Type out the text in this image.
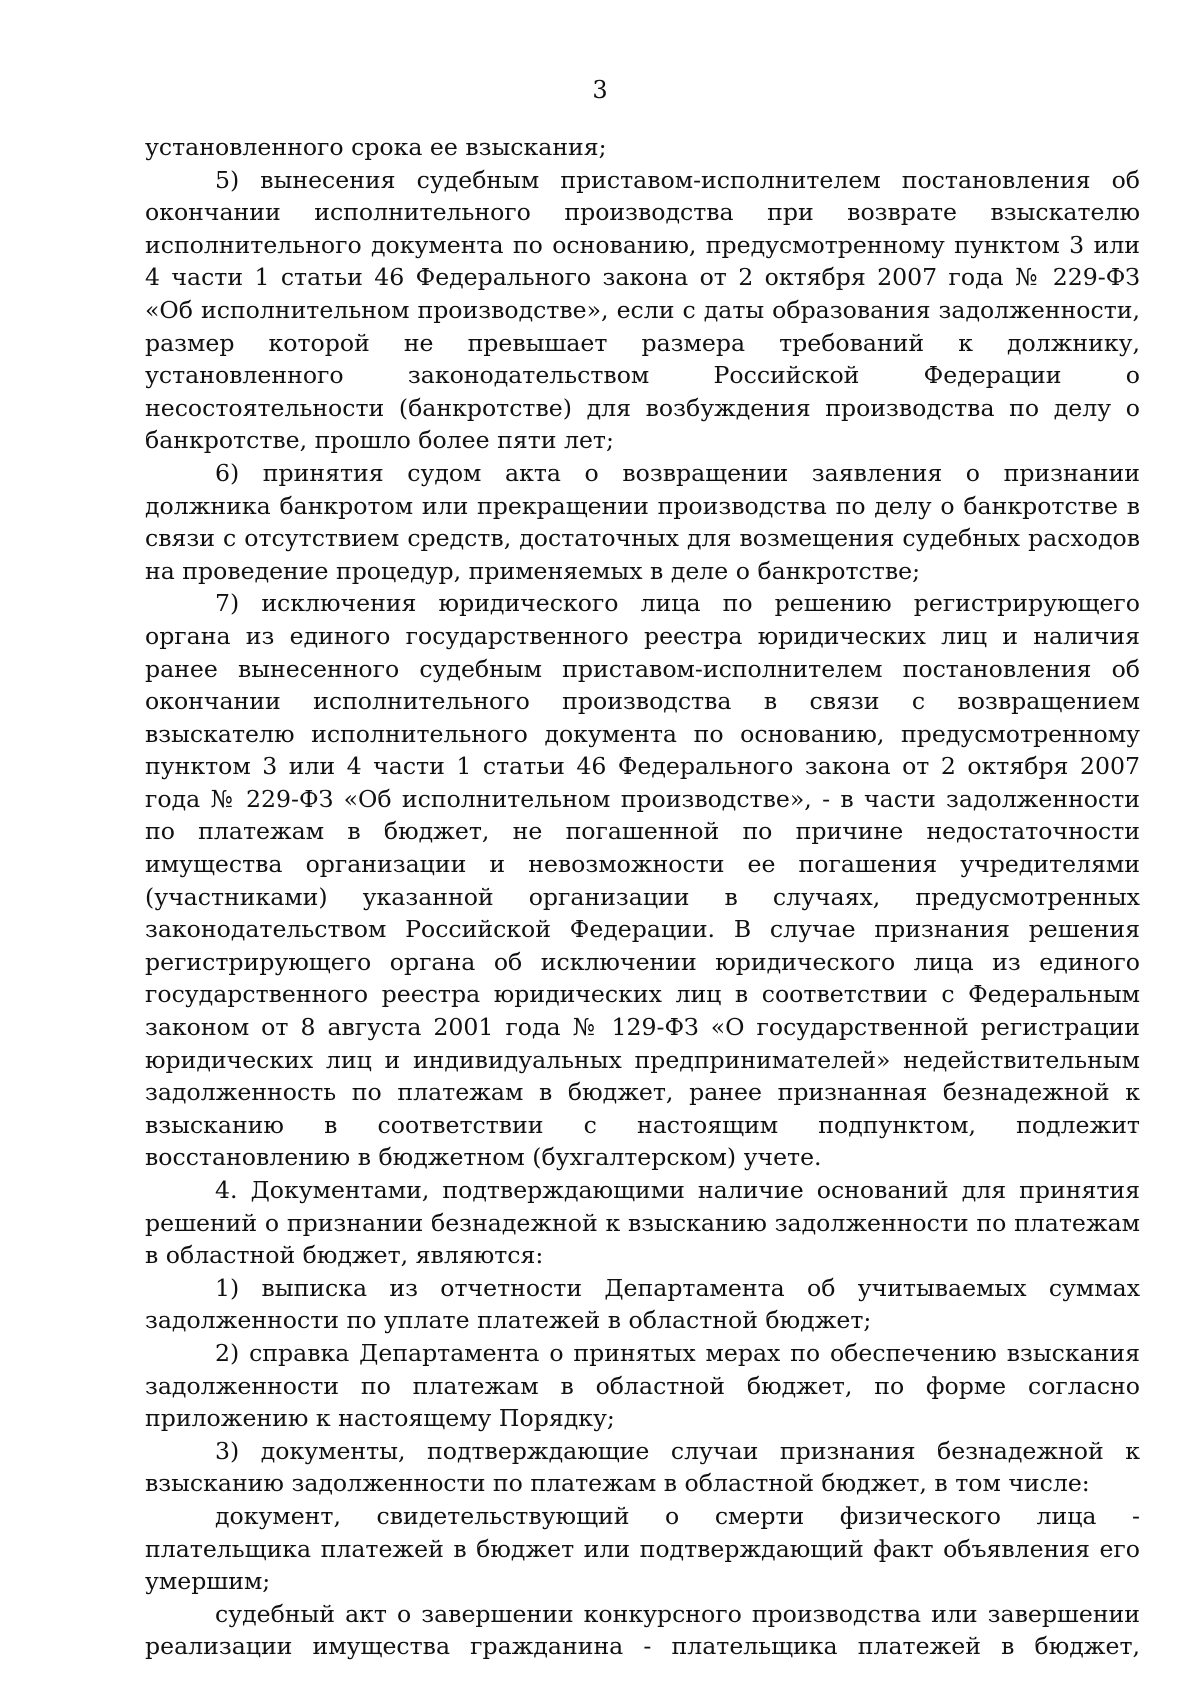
3

установленного срока ее взыскания;

5) вынесения судебным приставом-исполнителем постановления об окончании исполнительного производства при возврате взыскателю исполнительного документа по основанию, предусмотренному пунктом 3 или 4 части 1 статьи 46 Федерального закона от 2 октября 2007 года № 229-ФЗ «Об исполнительном производстве», если с даты образования задолженности, размер которой не превышает размера требований к должнику, установленного законодательством Российской Федерации о несостоятельности (банкротстве) для возбуждения производства по делу о банкротстве, прошло более пяти лет;

6) принятия судом акта о возвращении заявления о признании должника банкротом или прекращении производства по делу о банкротстве в связи с отсутствием средств, достаточных для возмещения судебных расходов на проведение процедур, применяемых в деле о банкротстве;

7) исключения юридического лица по решению регистрирующего органа из единого государственного реестра юридических лиц и наличия ранее вынесенного судебным приставом-исполнителем постановления об окончании исполнительного производства в связи с возвращением взыскателю исполнительного документа по основанию, предусмотренному пунктом 3 или 4 части 1 статьи 46 Федерального закона от 2 октября 2007 года № 229-ФЗ «Об исполнительном производстве», - в части задолженности по платежам в бюджет, не погашенной по причине недостаточности имущества организации и невозможности ее погашения учредителями (участниками) указанной организации в случаях, предусмотренных законодательством Российской Федерации. В случае признания решения регистрирующего органа об исключении юридического лица из единого государственного реестра юридических лиц в соответствии с Федеральным законом от 8 августа 2001 года № 129-ФЗ «О государственной регистрации юридических лиц и индивидуальных предпринимателей» недействительным задолженность по платежам в бюджет, ранее признанная безнадежной к взысканию в соответствии с настоящим подпунктом, подлежит восстановлению в бюджетном (бухгалтерском) учете.

4. Документами, подтверждающими наличие оснований для принятия решений о признании безнадежной к взысканию задолженности по платежам в областной бюджет, являются:

1) выписка из отчетности Департамента об учитываемых суммах задолженности по уплате платежей в областной бюджет;

2) справка Департамента о принятых мерах по обеспечению взыскания задолженности по платежам в областной бюджет, по форме согласно приложению к настоящему Порядку;

3) документы, подтверждающие случаи признания безнадежной к взысканию задолженности по платежам в областной бюджет, в том числе:

документ, свидетельствующий о смерти физического лица - плательщика платежей в бюджет или подтверждающий факт объявления его умершим;

судебный акт о завершении конкурсного производства или завершении реализации имущества гражданина - плательщика платежей в бюджет,
